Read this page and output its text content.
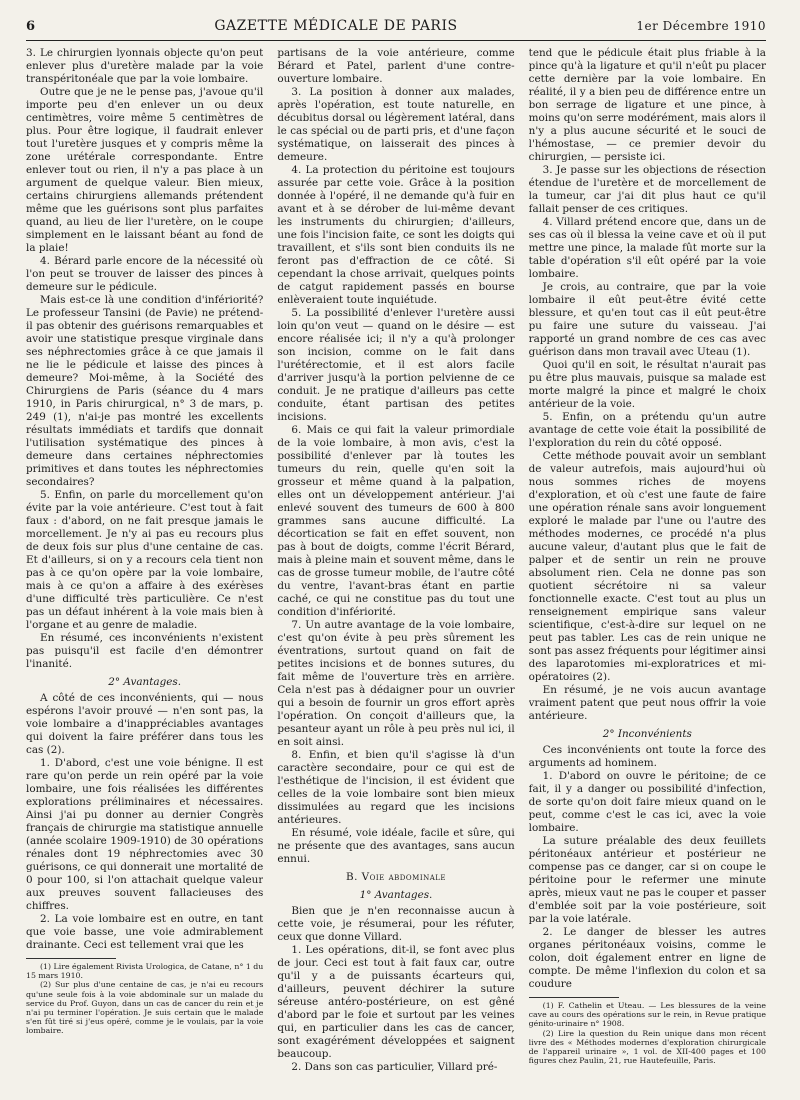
6	GAZETTE MÉDICALE DE PARIS	1er Décembre 1910

3. Le chirurgien lyonnais objecte qu'on peut enlever plus d'uretère malade par la voie transpéritonéale que par la voie lombaire.

Outre que je ne le pense pas, j'avoue qu'il importe peu d'en enlever un ou deux centimètres, voire même 5 centimètres de plus. Pour être logique, il faudrait enlever tout l'uretère jusques et y compris même la zone urétérale correspondante. Entre enlever tout ou rien, il n'y a pas place à un argument de quelque valeur. Bien mieux, certains chirurgiens allemands prétendent même que les guérisons sont plus parfaites quand, au lieu de lier l'uretère, on le coupe simplement en le laissant béant au fond de la plaie!

4. Bérard parle encore de la nécessité où l'on peut se trouver de laisser des pinces à demeure sur le pédicule.

Mais est-ce là une condition d'infériorité? Le professeur Tansini (de Pavie) ne prétend-il pas obtenir des guérisons remarquables et avoir une statistique presque virginale dans ses néphrectomies grâce à ce que jamais il ne lie le pédicule et laisse des pinces à demeure? Moi-même, à la Société des Chirurgiens de Paris (séance du 4 mars 1910, in Paris chirurgical, n° 3 de mars, p. 249 (1), n'ai-je pas montré les excellents résultats immédiats et tardifs que donnait l'utilisation systématique des pinces à demeure dans certaines néphrectomies primitives et dans toutes les néphrectomies secondaires?

5. Enfin, on parle du morcellement qu'on évite par la voie antérieure. C'est tout à fait faux : d'abord, on ne fait presque jamais le morcellement. Je n'y ai pas eu recours plus de deux fois sur plus d'une centaine de cas. Et d'ailleurs, si on y a recours cela tient non pas à ce qu'on opère par la voie lombaire, mais à ce qu'on a affaire à des exérèses d'une difficulté très particulière. Ce n'est pas un défaut inhérent à la voie mais bien à l'organe et au genre de maladie.

En résumé, ces inconvénients n'existent pas puisqu'il est facile d'en démontrer l'inanité.

2° Avantages.

A côté de ces inconvénients, qui — nous espérons l'avoir prouvé — n'en sont pas, la voie lombaire a d'inappréciables avantages qui doivent la faire préférer dans tous les cas (2).

1. D'abord, c'est une voie bénigne. Il est rare qu'on perde un rein opéré par la voie lombaire, une fois réalisées les différentes explorations préliminaires et nécessaires. Ainsi j'ai pu donner au dernier Congrès français de chirurgie ma statistique annuelle (année scolaire 1909-1910) de 30 opérations rénales dont 19 néphrectomies avec 30 guérisons, ce qui donnerait une mortalité de 0 pour 100, si l'on attachait quelque valeur aux preuves souvent fallacieuses des chiffres.

2. La voie lombaire est en outre, en tant que voie basse, une voie admirablement drainante. Ceci est tellement vrai que les

(1) Lire également Rivista Urologica, de Catane, n° 1 du 15 mars 1910.

(2) Sur plus d'une centaine de cas, je n'ai eu recours qu'une seule fois à la voie abdominale sur un malade du service du Prof. Guyon, dans un cas de cancer du rein et je n'ai pu terminer l'opération. Je suis certain que le malade s'en fût tiré si j'eus opéré, comme je le voulais, par la voie lombaire.

partisans de la voie antérieure, comme Bérard et Patel, parlent d'une contre-ouverture lombaire.

3. La position à donner aux malades, après l'opération, est toute naturelle, en décubitus dorsal ou légèrement latéral, dans le cas spécial ou de parti pris, et d'une façon systématique, on laisserait des pinces à demeure.

4. La protection du péritoine est toujours assurée par cette voie. Grâce à la position donnée à l'opéré, il ne demande qu'à fuir en avant et à se dérober de lui-même devant les instruments du chirurgien; d'ailleurs, une fois l'incision faite, ce sont les doigts qui travaillent, et s'ils sont bien conduits ils ne feront pas d'effraction de ce côté. Si cependant la chose arrivait, quelques points de catgut rapidement passés en bourse enlèveraient toute inquiétude.

5. La possibilité d'enlever l'uretère aussi loin qu'on veut — quand on le désire — est encore réalisée ici; il n'y a qu'à prolonger son incision, comme on le fait dans l'urétérectomie, et il est alors facile d'arriver jusqu'à la portion pelvienne de ce conduit. Je ne pratique d'ailleurs pas cette conduite, étant partisan des petites incisions.

6. Mais ce qui fait la valeur primordiale de la voie lombaire, à mon avis, c'est la possibilité d'enlever par là toutes les tumeurs du rein, quelle qu'en soit la grosseur et même quand à la palpation, elles ont un développement antérieur. J'ai enlevé souvent des tumeurs de 600 à 800 grammes sans aucune difficulté. La décortication se fait en effet souvent, non pas à bout de doigts, comme l'écrit Bérard, mais à pleine main et souvent même, dans le cas de grosse tumeur mobile, de l'autre côté du ventre, l'avant-bras étant en partie caché, ce qui ne constitue pas du tout une condition d'infériorité.

7. Un autre avantage de la voie lombaire, c'est qu'on évite à peu près sûrement les éventrations, surtout quand on fait de petites incisions et de bonnes sutures, du fait même de l'ouverture très en arrière. Cela n'est pas à dédaigner pour un ouvrier qui a besoin de fournir un gros effort après l'opération. On conçoit d'ailleurs que, la pesanteur ayant un rôle à peu près nul ici, il en soit ainsi.

8. Enfin, et bien qu'il s'agisse là d'un caractère secondaire, pour ce qui est de l'esthétique de l'incision, il est évident que celles de la voie lombaire sont bien mieux dissimulées au regard que les incisions antérieures.

En résumé, voie idéale, facile et sûre, qui ne présente que des avantages, sans aucun ennui.

B. Voie abdominale

1° Avantages.

Bien que je n'en reconnaisse aucun à cette voie, je résumerai, pour les réfuter, ceux que donne Villard.

1. Les opérations, dit-il, se font avec plus de jour. Ceci est tout à fait faux car, outre qu'il y a de puissants écarteurs qui, d'ailleurs, peuvent déchirer la suture séreuse antéro-postérieure, on est gêné d'abord par le foie et surtout par les veines qui, en particulier dans les cas de cancer, sont exagérément développées et saignent beaucoup.

2. Dans son cas particulier, Villard pré-

tend que le pédicule était plus friable à la pince qu'à la ligature et qu'il n'eût pu placer cette dernière par la voie lombaire. En réalité, il y a bien peu de différence entre un bon serrage de ligature et une pince, à moins qu'on serre modérément, mais alors il n'y a plus aucune sécurité et le souci de l'hémostase, — ce premier devoir du chirurgien, — persiste ici.

3. Je passe sur les objections de résection étendue de l'uretère et de morcellement de la tumeur, car j'ai dit plus haut ce qu'il fallait penser de ces critiques.

4. Villard prétend encore que, dans un de ses cas où il blessa la veine cave et où il put mettre une pince, la malade fût morte sur la table d'opération s'il eût opéré par la voie lombaire.

Je crois, au contraire, que par la voie lombaire il eût peut-être évité cette blessure, et qu'en tout cas il eût peut-être pu faire une suture du vaisseau. J'ai rapporté un grand nombre de ces cas avec guérison dans mon travail avec Uteau (1).

Quoi qu'il en soit, le résultat n'aurait pas pu être plus mauvais, puisque sa malade est morte malgré la pince et malgré le choix antérieur de la voie.

5. Enfin, on a prétendu qu'un autre avantage de cette voie était la possibilité de l'exploration du rein du côté opposé.

Cette méthode pouvait avoir un semblant de valeur autrefois, mais aujourd'hui où nous sommes riches de moyens d'exploration, et où c'est une faute de faire une opération rénale sans avoir longuement exploré le malade par l'une ou l'autre des méthodes modernes, ce procédé n'a plus aucune valeur, d'autant plus que le fait de palper et de sentir un rein ne prouve absolument rien. Cela ne donne pas son quotient sécrétoire ni sa valeur fonctionnelle exacte. C'est tout au plus un renseignement empirique sans valeur scientifique, c'est-à-dire sur lequel on ne peut pas tabler. Les cas de rein unique ne sont pas assez fréquents pour légitimer ainsi des laparotomies mi-exploratrices et mi-opératoires (2).

En résumé, je ne vois aucun avantage vraiment patent que peut nous offrir la voie antérieure.

2° Inconvénients

Ces inconvénients ont toute la force des arguments ad hominem.

1. D'abord on ouvre le péritoine; de ce fait, il y a danger ou possibilité d'infection, de sorte qu'on doit faire mieux quand on le peut, comme c'est le cas ici, avec la voie lombaire.

La suture préalable des deux feuillets péritonéaux antérieur et postérieur ne compense pas ce danger, car si on coupe le péritoine pour le refermer une minute après, mieux vaut ne pas le couper et passer d'emblée soit par la voie postérieure, soit par la voie latérale.

2. Le danger de blesser les autres organes péritonéaux voisins, comme le colon, doit également entrer en ligne de compte. De même l'inflexion du colon et sa coudure

(1) F. Cathelin et Uteau. — Les blessures de la veine cave au cours des opérations sur le rein, in Revue pratique génito-urinaire n° 1908.

(2) Lire la question du Rein unique dans mon récent livre des « Méthodes modernes d'exploration chirurgicale de l'appareil urinaire », 1 vol. de XII-400 pages et 100 figures chez Paulin, 21, rue Hautefeuille, Paris.
